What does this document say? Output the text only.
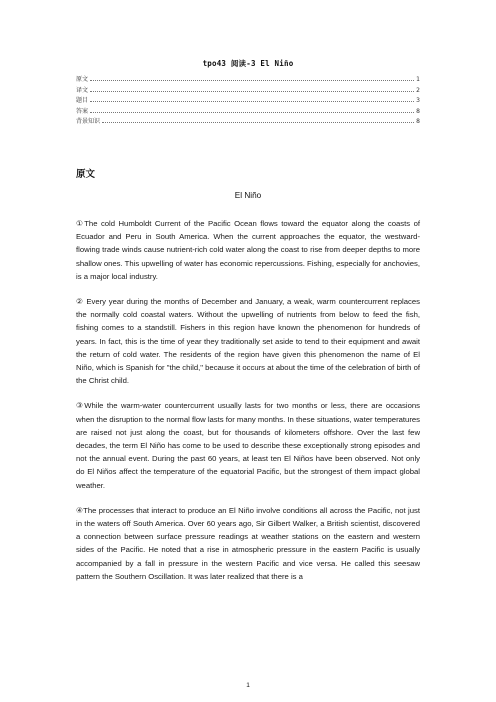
tpo43 阅读-3 El Niño
原文	1
译文	2
题目	3
答案	8
背景知识	8
原文
El Niño

①The cold Humboldt Current of the Pacific Ocean flows toward the equator along the coasts of Ecuador and Peru in South America. When the current approaches the equator, the westward-flowing trade winds cause nutrient-rich cold water along the coast to rise from deeper depths to more shallow ones. This upwelling of water has economic repercussions. Fishing, especially for anchovies, is a major local industry.

② Every year during the months of December and January, a weak, warm countercurrent replaces the normally cold coastal waters. Without the upwelling of nutrients from below to feed the fish, fishing comes to a standstill. Fishers in this region have known the phenomenon for hundreds of years. In fact, this is the time of year they traditionally set aside to tend to their equipment and await the return of cold water. The residents of the region have given this phenomenon the name of El Niño, which is Spanish for "the child," because it occurs at about the time of the celebration of birth of the Christ child.

③While the warm-water countercurrent usually lasts for two months or less, there are occasions when the disruption to the normal flow lasts for many months. In these situations, water temperatures are raised not just along the coast, but for thousands of kilometers offshore. Over the last few decades, the term El Niño has come to be used to describe these exceptionally strong episodes and not the annual event. During the past 60 years, at least ten El Niños have been observed. Not only do El Niños affect the temperature of the equatorial Pacific, but the strongest of them impact global weather.

④The processes that interact to produce an El Niño involve conditions all across the Pacific, not just in the waters off South America. Over 60 years ago, Sir Gilbert Walker, a British scientist, discovered a connection between surface pressure readings at weather stations on the eastern and western sides of the Pacific. He noted that a rise in atmospheric pressure in the eastern Pacific is usually accompanied by a fall in pressure in the western Pacific and vice versa. He called this seesaw pattern the Southern Oscillation. It was later realized that there is a

1
